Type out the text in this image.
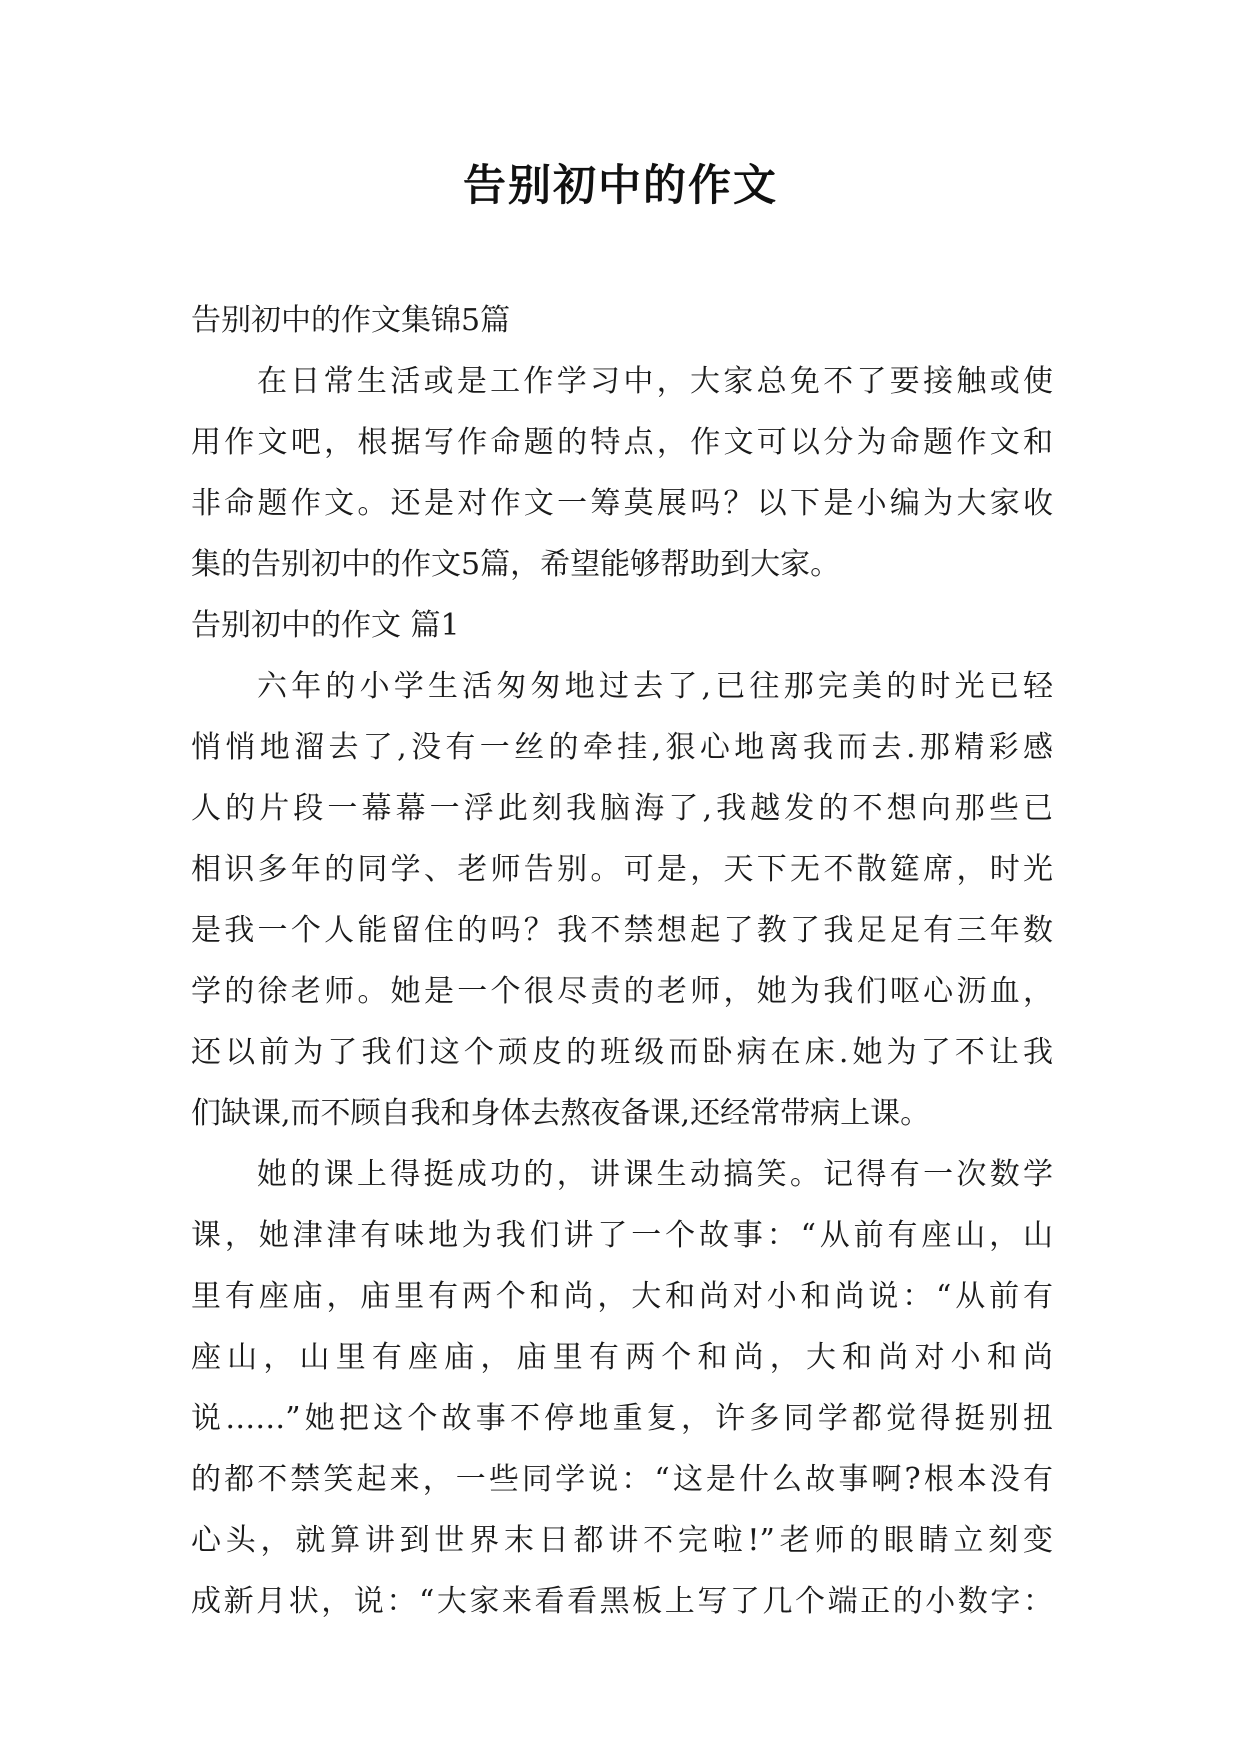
告别初中的作文
告别初中的作文集锦5篇
在日常生活或是工作学习中，大家总免不了要接触或使
用作文吧，根据写作命题的特点，作文可以分为命题作文和
非命题作文。还是对作文一筹莫展吗？以下是小编为大家收
集的告别初中的作文5篇，希望能够帮助到大家。
告别初中的作文 篇1
六年的小学生活匆匆地过去了,已往那完美的时光已轻
悄悄地溜去了,没有一丝的牵挂,狠心地离我而去.那精彩感
人的片段一幕幕一浮此刻我脑海了,我越发的不想向那些已
相识多年的同学、老师告别。可是，天下无不散筵席，时光
是我一个人能留住的吗？我不禁想起了教了我足足有三年数
学的徐老师。她是一个很尽责的老师，她为我们呕心沥血，
还以前为了我们这个顽皮的班级而卧病在床.她为了不让我
们缺课,而不顾自我和身体去熬夜备课,还经常带病上课。
她的课上得挺成功的，讲课生动搞笑。记得有一次数学
课，她津津有味地为我们讲了一个故事：“从前有座山，山
里有座庙，庙里有两个和尚，大和尚对小和尚说：“从前有
座山，山里有座庙，庙里有两个和尚，大和尚对小和尚
说……”她把这个故事不停地重复，许多同学都觉得挺别扭
的都不禁笑起来，一些同学说：“这是什么故事啊?根本没有
心头，就算讲到世界末日都讲不完啦!”老师的眼睛立刻变
成新月状，说：“大家来看看黑板上写了几个端正的小数字：
